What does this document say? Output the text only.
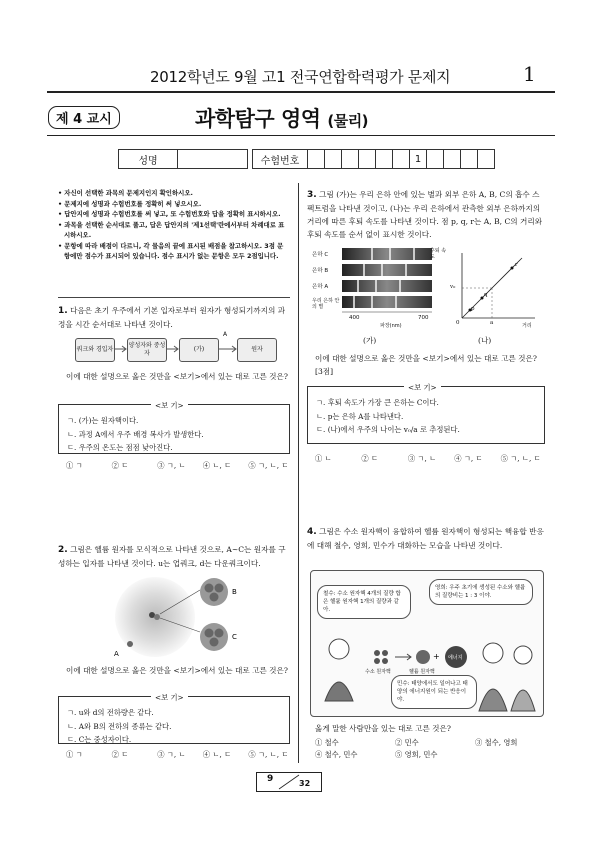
2012학년도 9월 고1 전국연합학력평가 문제지	1
제 4 교시	과학탐구 영역 (물리)
성명	수험번호	1
• 자신이 선택한 과목의 문제지인지 확인하시오.
• 문제지에 성명과 수험번호를 정확히 써 넣으시오.
• 답안지에 성명과 수험번호를 써 넣고, 또 수험번호와 답을 정확히 표시하시오.
• 과목을 선택한 순서대로 풀고, 답은 답안지의 '제1선택'란에서부터 차례대로 표시하시오.
• 문항에 따라 배점이 다르니, 각 물음의 끝에 표시된 배점을 참고하시오. 3점 문항에만 점수가 표시되어 있습니다. 점수 표시가 없는 문항은 모두 2점입니다.
1. 다음은 초기 우주에서 기본 입자로부터 원자가 형성되기까지의 과정을 시간 순서대로 나타낸 것이다.
쿼크와 경입자
양성자와 중성자
(가)	원자
A
이에 대한 설명으로 옳은 것만을 <보기>에서 있는 대로 고른 것은?
<보 기>
ㄱ. (가)는 원자핵이다.
ㄴ. 과정 A에서 우주 배경 복사가 발생한다.
ㄷ. 우주의 온도는 점점 낮아진다.
① ㄱ	② ㄷ	③ ㄱ, ㄴ	④ ㄴ, ㄷ	⑤ ㄱ, ㄴ, ㄷ
2. 그림은 헬륨 원자를 모식적으로 나타낸 것으로, A~C는 원자를 구성하는 입자를 나타낸 것이다. u는 업쿼크, d는 다운쿼크이다.
B
C
A
이에 대한 설명으로 옳은 것만을 <보기>에서 있는 대로 고른 것은?
<보 기>
ㄱ. u와 d의 전하량은 같다.
ㄴ. A와 B의 전하의 종류는 같다.
ㄷ. C는 중성자이다.
① ㄱ	② ㄷ	③ ㄱ, ㄴ	④ ㄴ, ㄷ	⑤ ㄱ, ㄴ, ㄷ
3. 그림 (가)는 우리 은하 안에 있는 별과 외부 은하 A, B, C의 흡수 스펙트럼을 나타낸 것이고, (나)는 우리 은하에서 관측한 외부 은하까지의 거리에 따른 후퇴 속도를 나타낸 것이다. 점 p, q, r는 A, B, C의 거리와 후퇴 속도를 순서 없이 표시한 것이다.
은하 C
은하 B
은하 A
우리 은하 안의 별
400	700
파장(nm)
후퇴 속도
p
q
r
v₀
a
0	거리
(가)	(나)
이에 대한 설명으로 옳은 것만을 <보기>에서 있는 대로 고른 것은? [3점]
<보 기>
ㄱ. 후퇴 속도가 가장 큰 은하는 C이다.
ㄴ. p는 은하 A를 나타낸다.
ㄷ. (나)에서 우주의 나이는 v₀/a 로 추정된다.
① ㄴ	② ㄷ	③ ㄱ, ㄴ	④ ㄱ, ㄷ	⑤ ㄱ, ㄴ, ㄷ
4. 그림은 수소 원자핵이 융합하여 헬륨 원자핵이 형성되는 핵융합 반응에 대해 철수, 영희, 민수가 대화하는 모습을 나타낸 것이다.
철수: 수소 원자핵 4개의 질량 합은 헬륨 원자핵 1개의 질량과 같아.
영희: 우주 초기에 생성된 수소와 헬륨의 질량비는 1 : 3 이야.
민수: 태양에서도 일어나고 태양의 에너지원이 되는 반응이야.
+
수소 원자핵	헬륨 원자핵
에너지
옳게 말한 사람만을 있는 대로 고른 것은?
① 철수	② 민수	③ 철수, 영희
④ 철수, 민수	⑤ 영희, 민수
9	32
